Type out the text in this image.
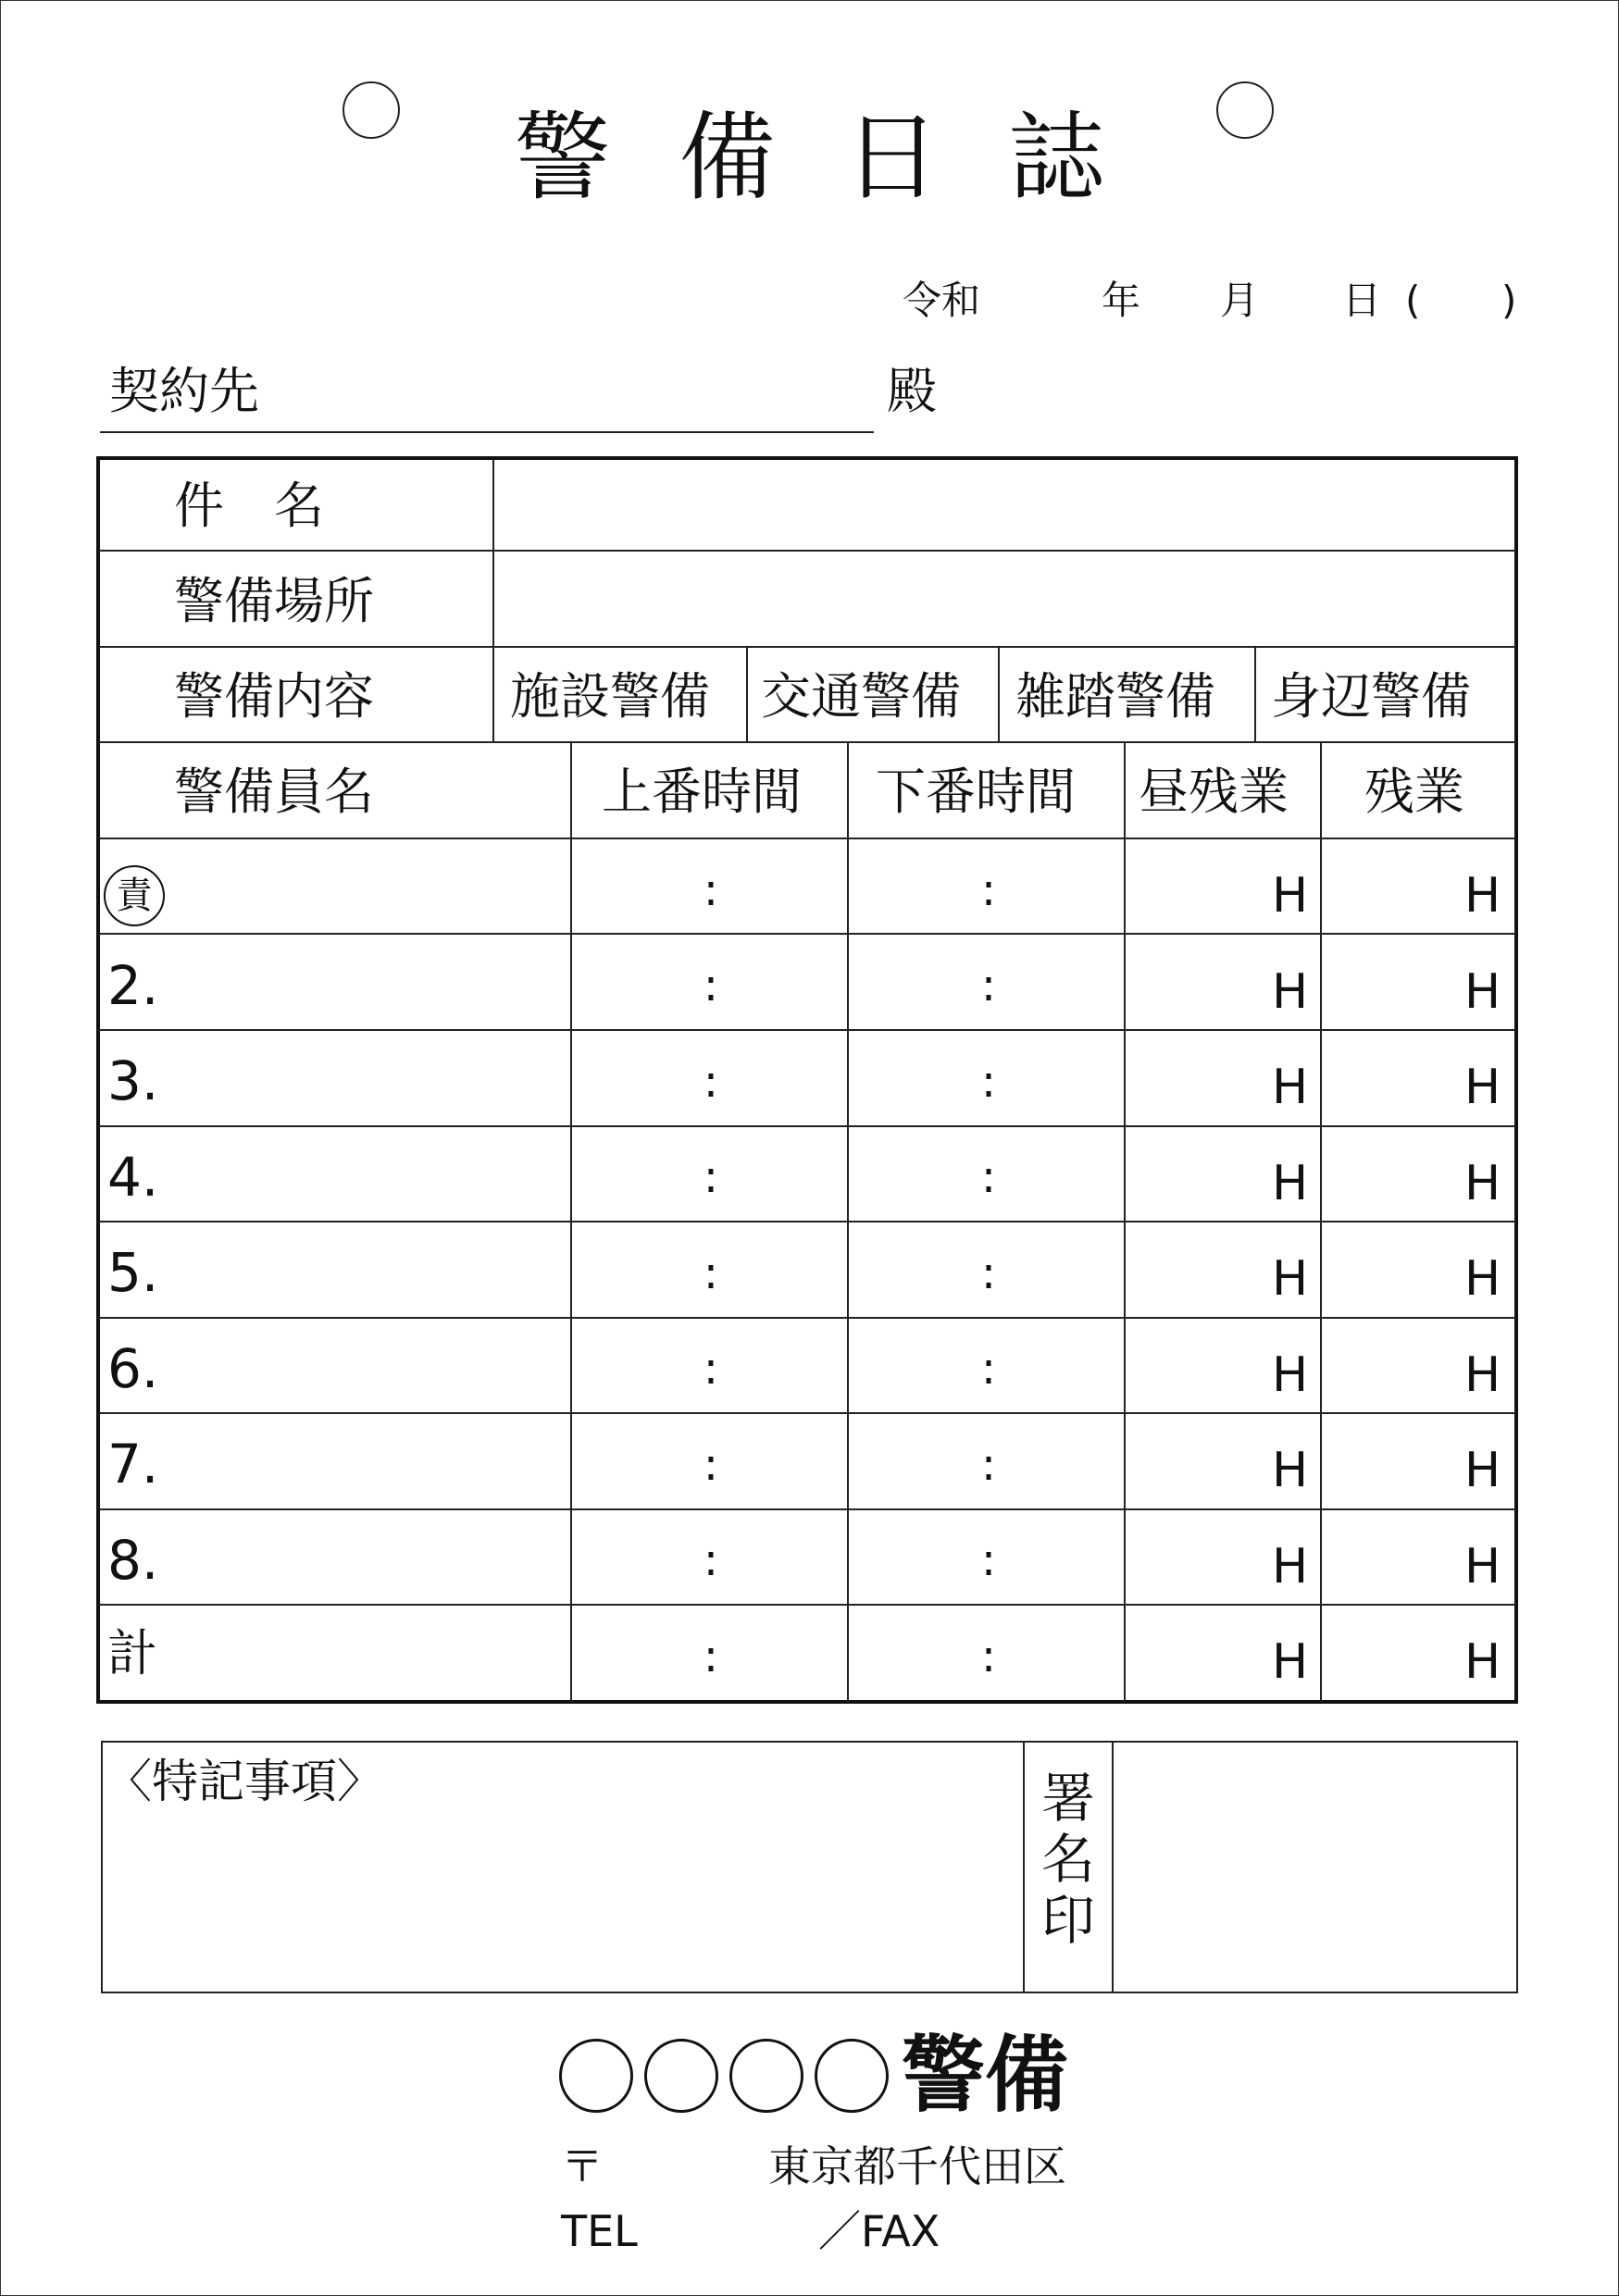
警備日誌
令和	年 月 日 ( )
契約先	殿
件　名
警備場所
警備内容	施設警備 交通警備 雑踏警備 身辺警備
警備員名	上番時間 下番時間 昼残業 残業
責	:	:	H	H
2.	:	:	H	H
3.	:	:	H	H
4.	:	:	H	H
5.	:	:	H	H
6.	:	:	H	H
7.	:	:	H	H
8.	:	:	H	H
計	:	:	H	H
〈特記事項〉	署
名
印
警備
〒	東京都千代田区
TEL	／FAX
